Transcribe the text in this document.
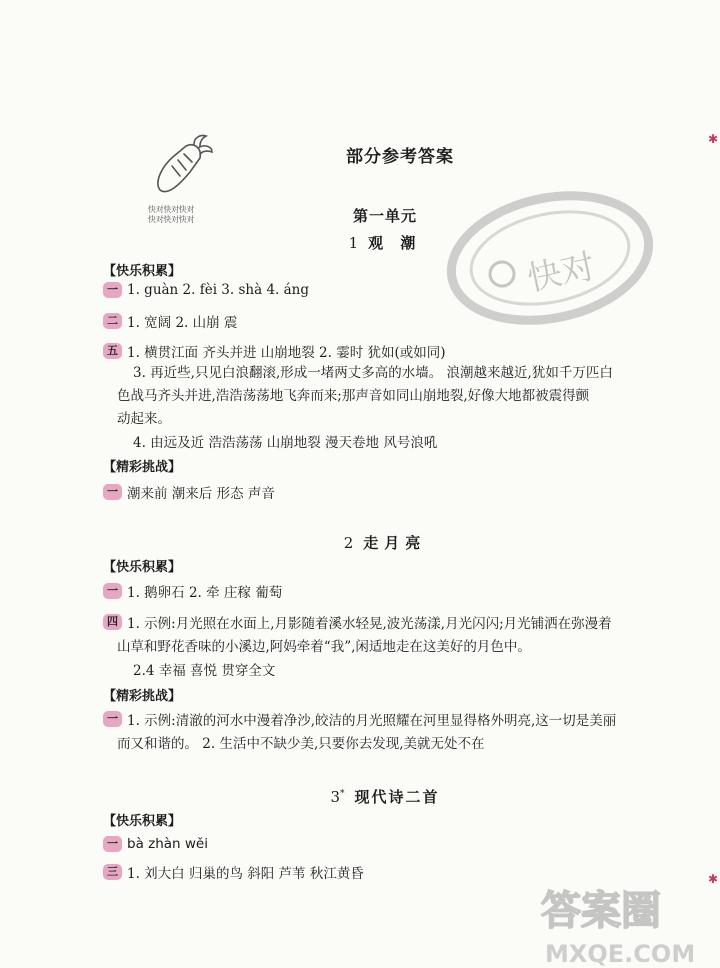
快对快对快对
快对快对快对
部分参考答案
快对
✱
✱
第一单元
1 观 潮
【快乐积累】
一 1. guàn 2. fèi 3. shà 4. áng
二 1. 宽阔 2. 山崩 震
五 1. 横贯江面 齐头并进 山崩地裂 2. 霎时 犹如(或如同)
3. 再近些,只见白浪翻滚,形成一堵两丈多高的水墙。 浪潮越来越近,犹如千万匹白
色战马齐头并进,浩浩荡荡地飞奔而来;那声音如同山崩地裂,好像大地都被震得颤
动起来。
4. 由远及近 浩浩荡荡 山崩地裂 漫天卷地 风号浪吼
【精彩挑战】
一 潮来前 潮来后 形态 声音
2 走月亮
【快乐积累】
一 1. 鹅卵石 2. 牵 庄稼 葡萄
四 1. 示例:月光照在水面上,月影随着溪水轻晃,波光荡漾,月光闪闪;月光铺洒在弥漫着
山草和野花香味的小溪边,阿妈牵着“我”,闲适地走在这美好的月色中。
2.4 幸福 喜悦 贯穿全文
【精彩挑战】
一 1. 示例:清澈的河水中漫着净沙,皎洁的月光照耀在河里显得格外明亮,这一切是美丽
而又和谐的。 2. 生活中不缺少美,只要你去发现,美就无处不在
3* 现代诗二首
【快乐积累】
一 bà zhàn wěi
三 1. 刘大白 归巢的鸟 斜阳 芦苇 秋江黄昏
答案圈
MXQE.COM
